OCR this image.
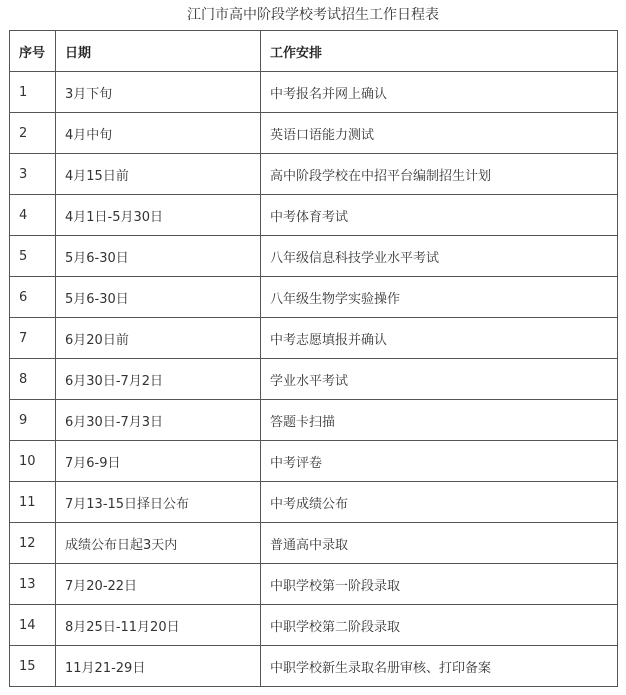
江门市高中阶段学校考试招生工作日程表
序号	日期	工作安排
1	3月下旬	中考报名并网上确认
2	4月中旬	英语口语能力测试
3	4月15日前	高中阶段学校在中招平台编制招生计划
4	4月1日-5月30日	中考体育考试
5	5月6-30日	八年级信息科技学业水平考试
6	5月6-30日	八年级生物学实验操作
7	6月20日前	中考志愿填报并确认
8	6月30日-7月2日	学业水平考试
9	6月30日-7月3日	答题卡扫描
10	7月6-9日	中考评卷
11	7月13-15日择日公布	中考成绩公布
12	成绩公布日起3天内	普通高中录取
13	7月20-22日	中职学校第一阶段录取
14	8月25日-11月20日	中职学校第二阶段录取
15	11月21-29日	中职学校新生录取名册审核、打印备案
